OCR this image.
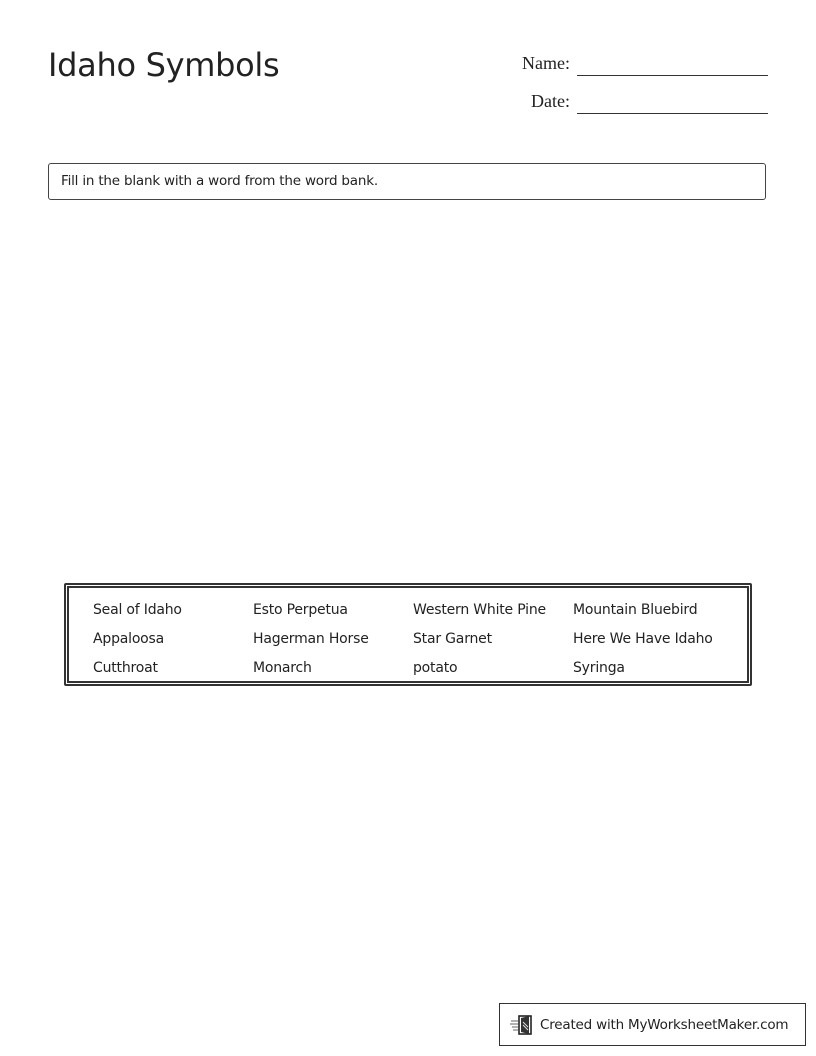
Idaho Symbols	Name:
Date:
Fill in the blank with a word from the word bank.
Seal of Idaho	Esto Perpetua	Western White Pine	Mountain Bluebird
Appaloosa	Hagerman Horse	Star Garnet	Here We Have Idaho
Cutthroat	Monarch	potato	Syringa
Created with MyWorksheetMaker.com
